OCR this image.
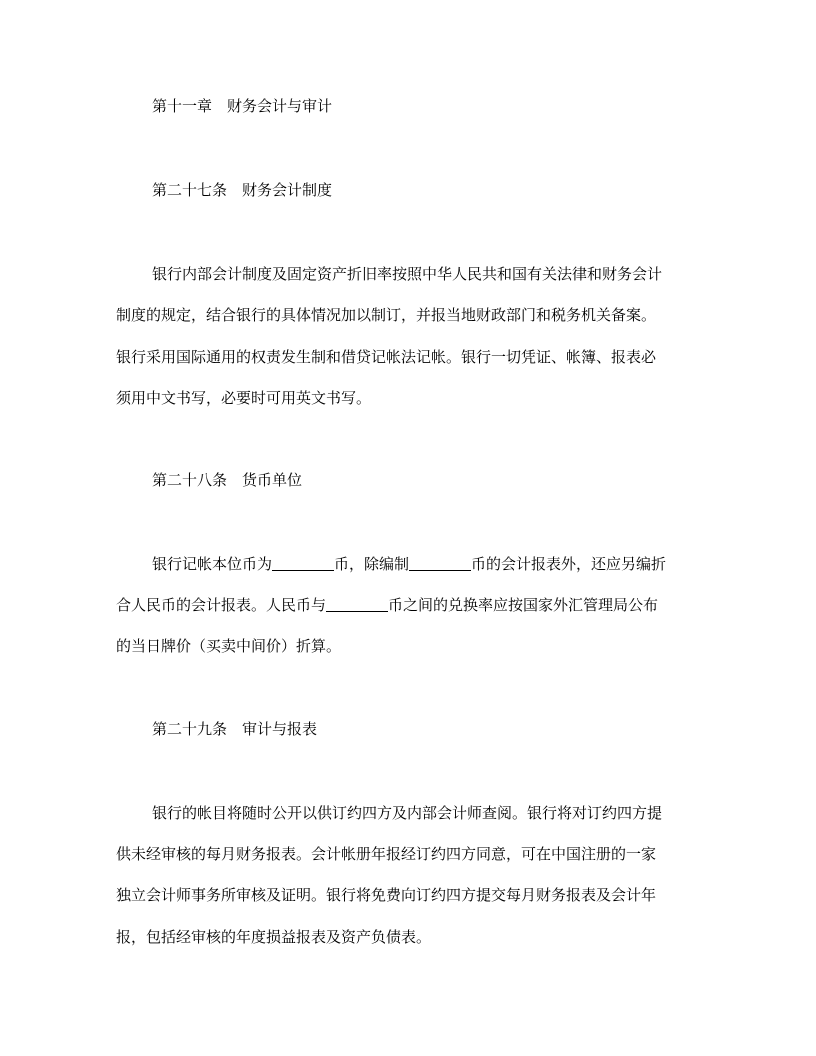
第十一章 财务会计与审计
第二十七条 财务会计制度
银行内部会计制度及固定资产折旧率按照中华人民共和国有关法律和财务会计
制度的规定，结合银行的具体情况加以制订，并报当地财政部门和税务机关备案。
银行采用国际通用的权责发生制和借贷记帐法记帐。银行一切凭证、帐簿、报表必
须用中文书写，必要时可用英文书写。
第二十八条 货币单位
银行记帐本位币为	币，除编制	币的会计报表外，还应另编折
合人民币的会计报表。人民币与	币之间的兑换率应按国家外汇管理局公布
的当日牌价（买卖中间价）折算。
第二十九条 审计与报表
银行的帐目将随时公开以供订约四方及内部会计师查阅。银行将对订约四方提
供未经审核的每月财务报表。会计帐册年报经订约四方同意，可在中国注册的一家
独立会计师事务所审核及证明。银行将免费向订约四方提交每月财务报表及会计年
报，包括经审核的年度损益报表及资产负债表。
